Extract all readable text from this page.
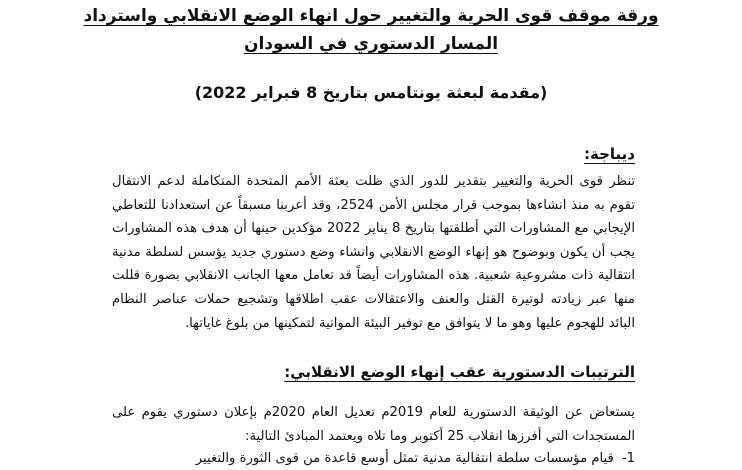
ورقة موقف قوى الحرية والتغيير حول انهاء الوضع الانقلابي واسترداد المسار الدستوري في السودان
(مقدمة لبعثة يونتامس بتاريخ 8 فبراير 2022)
ديباجة:
تنظر قوى الحرية والتغيير بتقدير للدور الذي ظلت بعثة الأمم المتحدة المتكاملة لدعم الانتقال تقوم به منذ انشاءها بموجب قرار مجلس الأمن 2524، وقد أعربنا مسبقاً عن استعدادنا للتعاطي الإيجابي مع المشاورات التي أطلقتها بتاريخ 8 يناير 2022 مؤكدين حينها أن هدف هذه المشاورات يجب أن يكون وبوضوح هو إنهاء الوضع الانقلابي وانشاء وضع دستوري جديد يؤسس لسلطة مدنية انتقالية ذات مشروعية شعبية. هذه المشاورات أيضاً قد تعامل معها الجانب الانقلابي بصورة قللت منها عبر زيادته لوتيرة القتل والعنف والاعتقالات عقب اطلاقها وتشجيع حملات عناصر النظام البائد للهجوم عليها وهو ما لا يتوافق مع توفير البيئة المواتية لتمكينها من بلوغ غاياتها.
الترتيبات الدستورية عقب إنهاء الوضع الانقلابي:
يستعاض عن الوثيقة الدستورية للعام 2019م تعديل العام 2020م بإعلان دستوري يقوم على المستجدات التي أفرزها انقلاب 25 أكتوبر وما تلاه ويعتمد المبادئ التالية:
1-قيام مؤسسات سلطة انتقالية مدنية تمثل أوسع قاعدة من قوى الثورة والتغيير
